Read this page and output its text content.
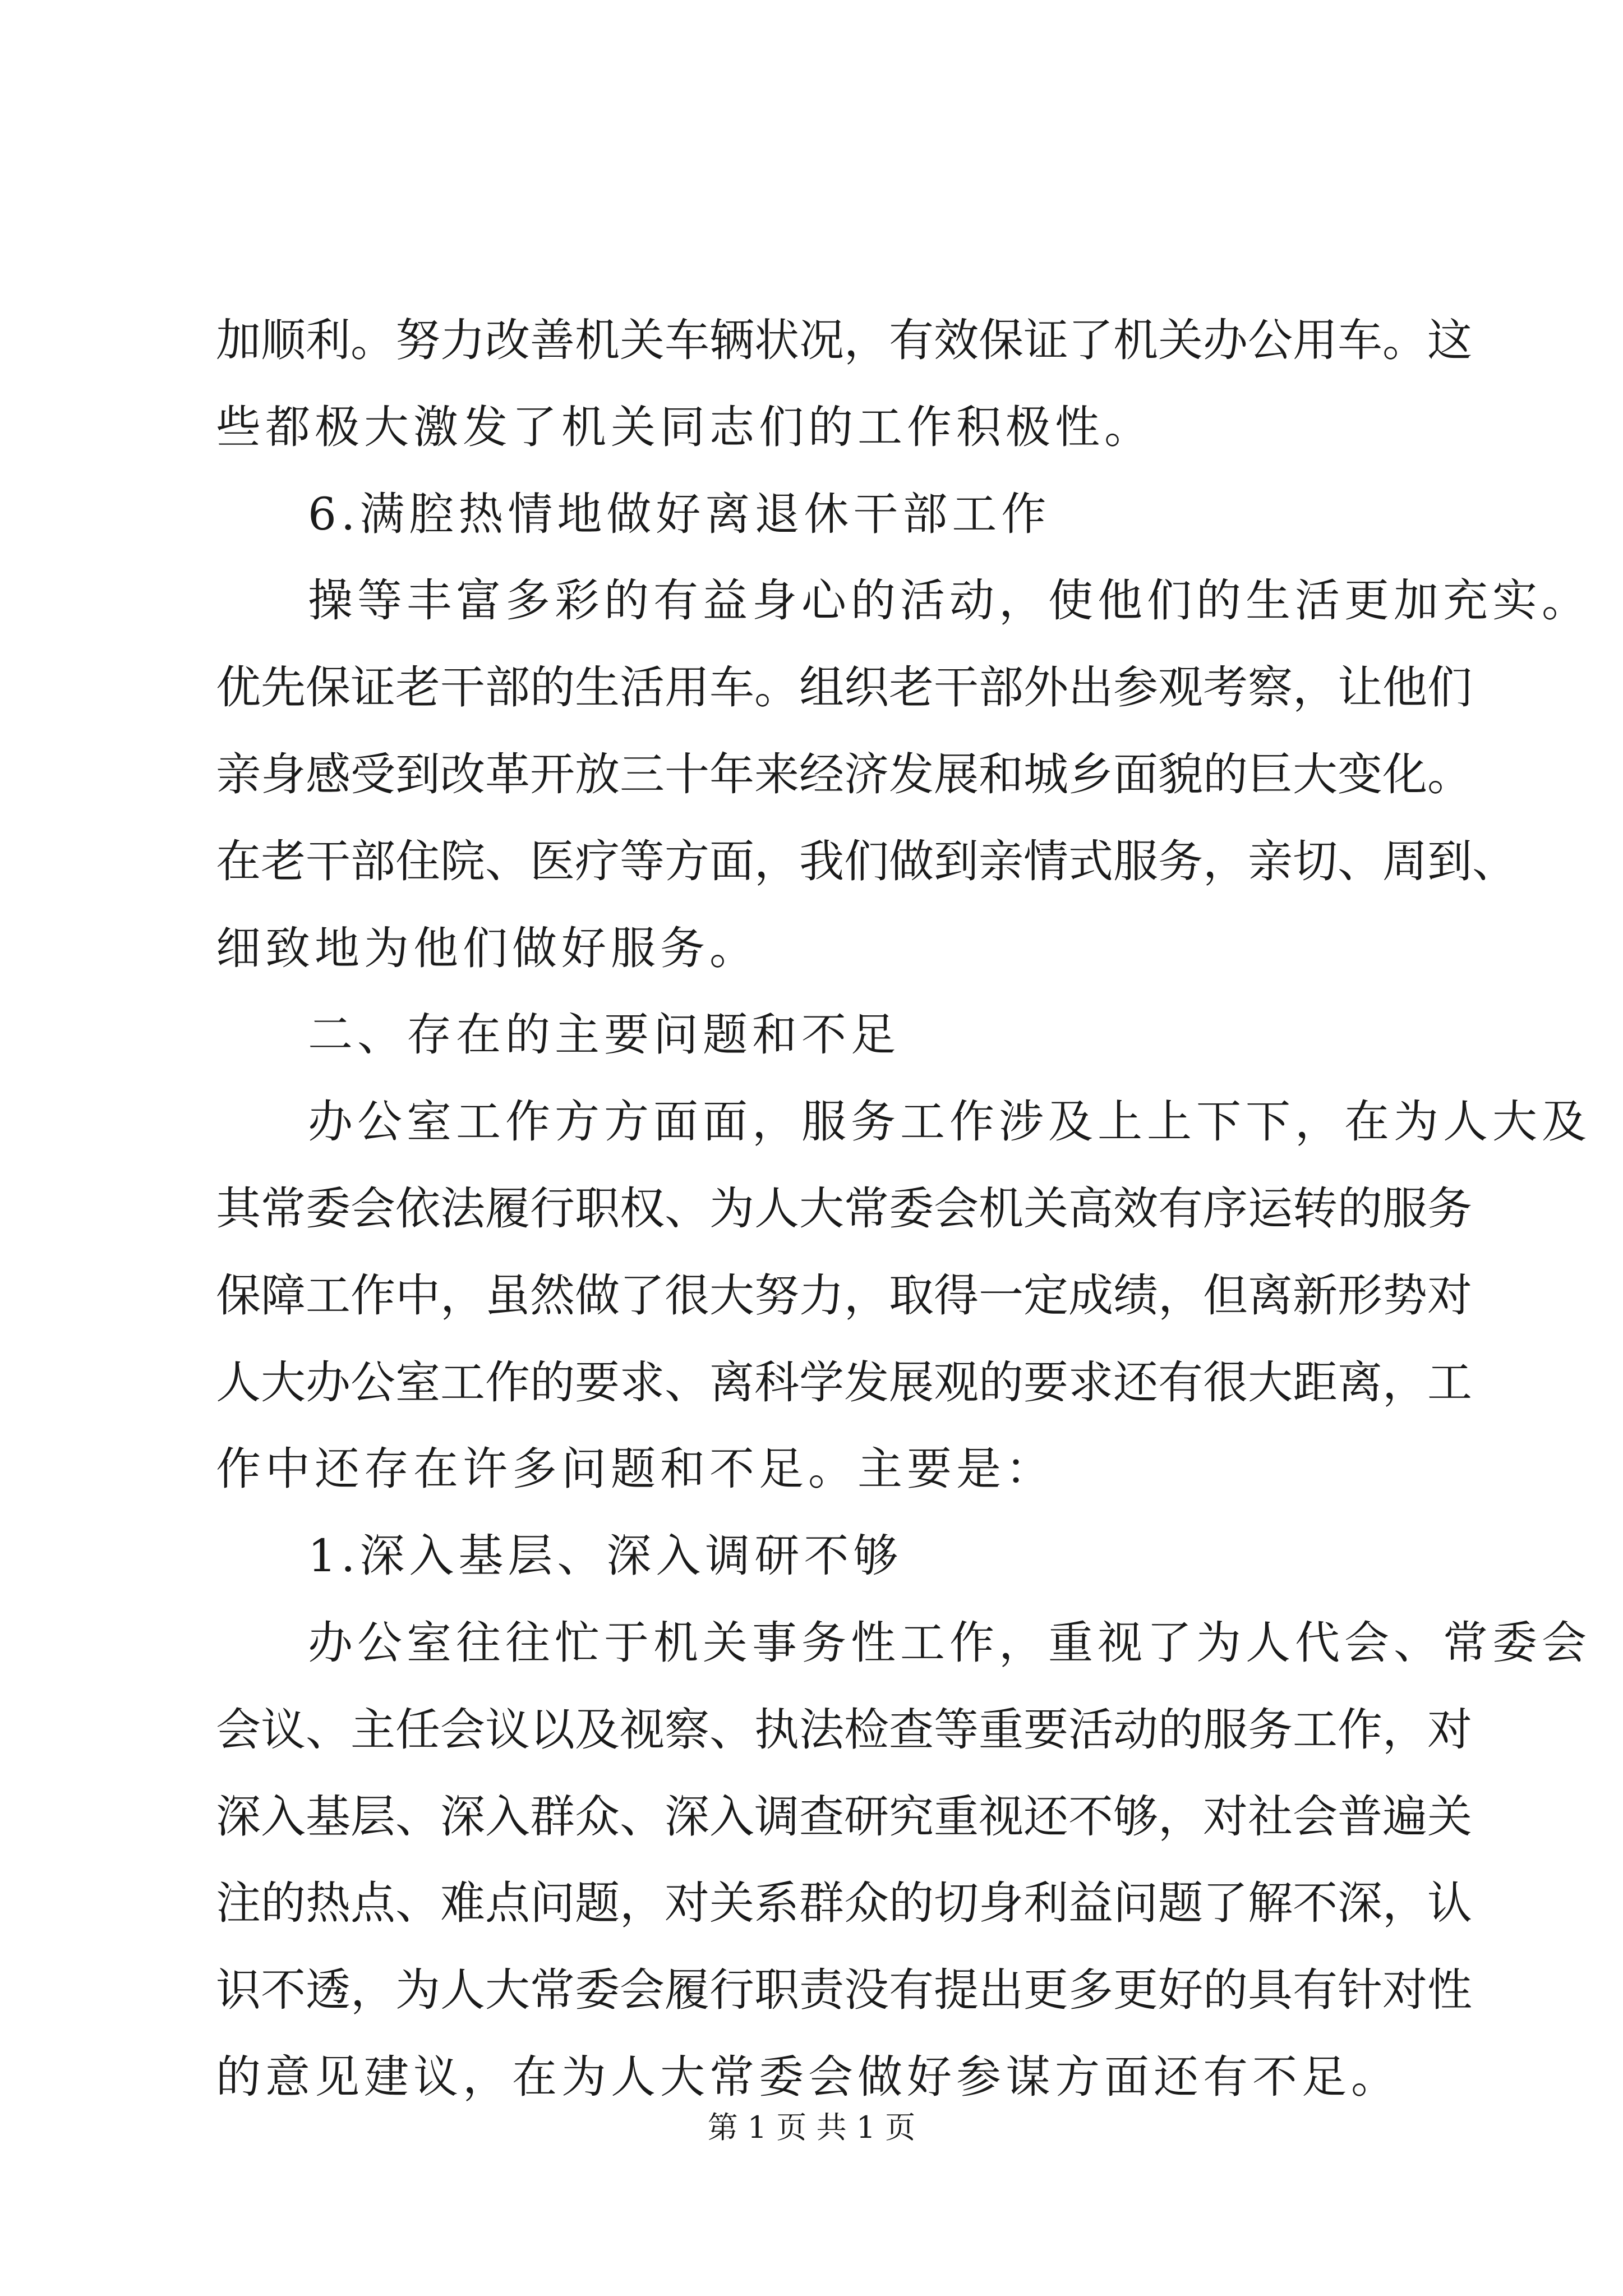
加顺利。努力改善机关车辆状况，有效保证了机关办公用车。这
些都极大激发了机关同志们的工作积极性。
6.满腔热情地做好离退休干部工作
操等丰富多彩的有益身心的活动，使他们的生活更加充实。
优先保证老干部的生活用车。组织老干部外出参观考察，让他们
亲身感受到改革开放三十年来经济发展和城乡面貌的巨大变化。
在老干部住院、医疗等方面，我们做到亲情式服务，亲切、周到、
细致地为他们做好服务。
二、存在的主要问题和不足
办公室工作方方面面，服务工作涉及上上下下，在为人大及
其常委会依法履行职权、为人大常委会机关高效有序运转的服务
保障工作中，虽然做了很大努力，取得一定成绩，但离新形势对
人大办公室工作的要求、离科学发展观的要求还有很大距离，工
作中还存在许多问题和不足。主要是：
1.深入基层、深入调研不够
办公室往往忙于机关事务性工作，重视了为人代会、常委会
会议、主任会议以及视察、执法检查等重要活动的服务工作，对
深入基层、深入群众、深入调查研究重视还不够，对社会普遍关
注的热点、难点问题，对关系群众的切身利益问题了解不深，认
识不透，为人大常委会履行职责没有提出更多更好的具有针对性
的意见建议，在为人大常委会做好参谋方面还有不足。
第 1 页 共 1 页
